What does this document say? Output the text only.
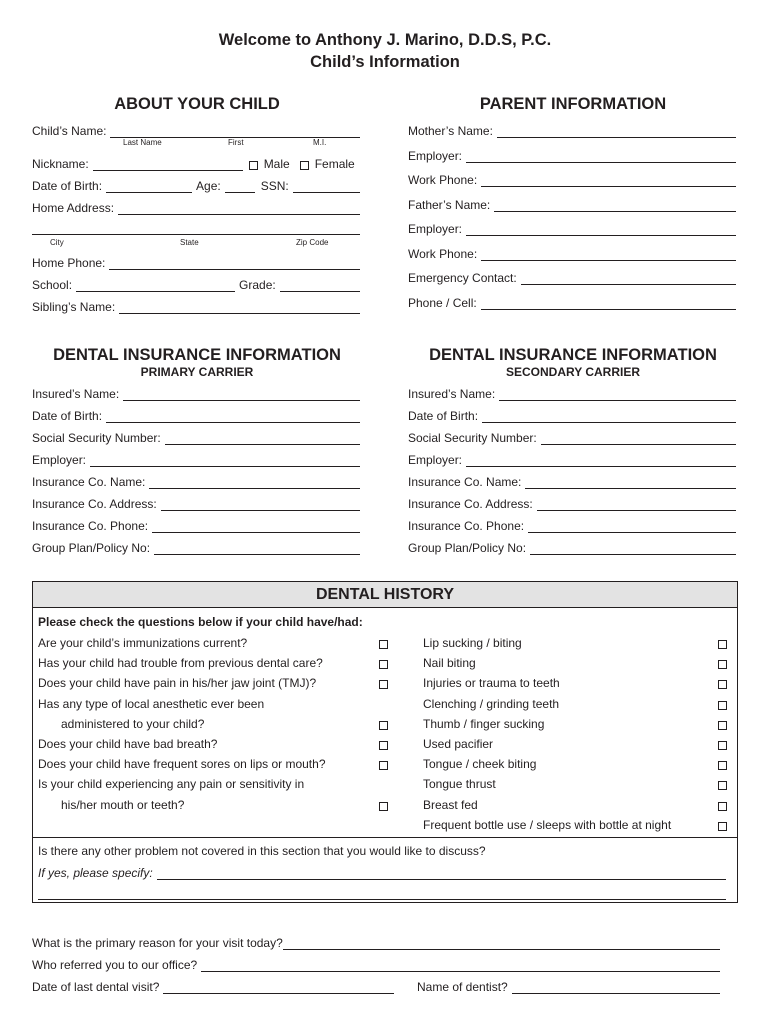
Welcome to Anthony J. Marino, D.D.S, P.C.
Child’s Information
ABOUT YOUR CHILD
Child’s Name:
Last Name	First	M.I.
Nickname:	Male Female
Date of Birth:	Age:	SSN:
Home Address:
City	State	Zip Code
Home Phone:
School:	Grade:
Sibling’s Name:
PARENT INFORMATION
Mother’s Name:
Employer:
Work Phone:
Father’s Name:
Employer:
Work Phone:
Emergency Contact:
Phone / Cell:
DENTAL INSURANCE INFORMATION
PRIMARY CARRIER
DENTAL INSURANCE INFORMATION
SECONDARY CARRIER
Insured’s Name:
Date of Birth:
Social Security Number:
Employer:
Insurance Co. Name:
Insurance Co. Address:
Insurance Co. Phone:
Group Plan/Policy No:
Insured’s Name:
Date of Birth:
Social Security Number:
Employer:
Insurance Co. Name:
Insurance Co. Address:
Insurance Co. Phone:
Group Plan/Policy No:
DENTAL HISTORY
Please check the questions below if your child have/had:
Are your child’s immunizations current?
Has your child had trouble from previous dental care?
Does your child have pain in his/her jaw joint (TMJ)?
Has any type of local anesthetic ever been
administered to your child?
Does your child have bad breath?
Does your child have frequent sores on lips or mouth?
Is your child experiencing any pain or sensitivity in
his/her mouth or teeth?
Lip sucking / biting
Nail biting
Injuries or trauma to teeth
Clenching / grinding teeth
Thumb / finger sucking
Used pacifier
Tongue / cheek biting
Tongue thrust
Breast fed
Frequent bottle use / sleeps with bottle at night
Is there any other problem not covered in this section that you would like to discuss?
If yes, please specify:
What is the primary reason for your visit today?
Who referred you to our office?
Date of last dental visit?	Name of dentist?
